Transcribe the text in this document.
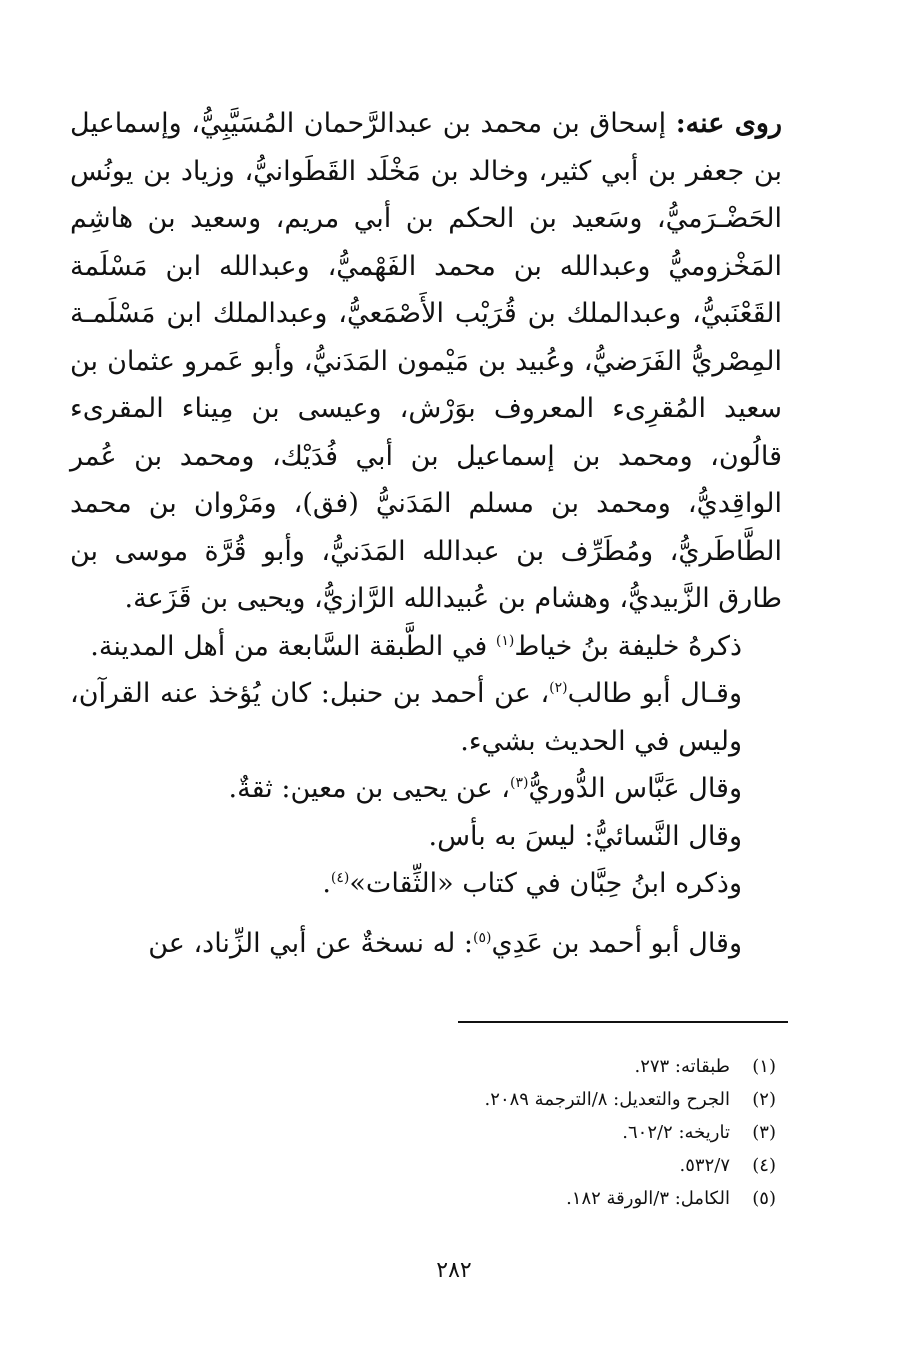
روى عنه: إسحاق بن محمد بن عبدالرَّحمان المُسَيَّبِيُّ، وإسماعيل بن جعفر بن أبي كثير، وخالد بن مَخْلَد القَطَوانيُّ، وزياد بن يونُس الحَضْـرَميُّ، وسَعيد بن الحكم بن أبي مريم، وسعيد بن هاشِم المَخْزوميُّ وعبدالله بن محمد الفَهْميُّ، وعبدالله ابن مَسْلَمة القَعْنَبيُّ، وعبدالملك بن قُرَيْب الأَصْمَعيُّ، وعبدالملك ابن مَسْلَمـة المِصْريُّ الفَرَضيُّ، وعُبيد بن مَيْمون المَدَنيُّ، وأبو عَمرو عثمان بن سعيد المُقرِىء المعروف بوَرْش، وعيسى بن مِيناء المقرىء قالُون، ومحمد بن إسماعيل بن أبي فُدَيْك، ومحمد بن عُمر الواقِديُّ، ومحمد بن مسلم المَدَنيُّ (فق)، ومَرْوان بن محمد الطَّاطَريُّ، ومُطَرِّف بن عبدالله المَدَنيُّ، وأبو قُرَّة موسى بن طارق الزَّبيديُّ، وهشام بن عُبيدالله الرَّازيُّ، ويحيى بن قَزَعة.

ذكرهُ خليفة بنُ خياط$^{(١)}$ في الطَّبقة السَّابعة من أهل المدينة.

وقـال أبو طالب$^{(٢)}$، عن أحمد بن حنبل: كان يُؤخذ عنه القرآن، وليس في الحديث بشيء.

وقال عَبَّاس الدُّوريُّ$^{(٣)}$، عن يحيى بن معين: ثقةٌ.

وقال النَّسائيُّ: ليسَ به بأس.

وذكره ابنُ حِبَّان في كتاب «الثِّقات»$^{(٤)}$.

وقال أبو أحمد بن عَدِي$^{(٥)}$: له نسخةٌ عن أبي الزِّناد، عن

(١)
طبقاته: ٢٧٣.
(٢)
الجرح والتعديل: ٨/الترجمة ٢٠٨٩.
(٣)
تاريخه: ٦٠٢/٢.
(٤)
٥٣٢/٧.
(٥)
الكامل: ٣/الورقة ١٨٢.
٢٨٢
